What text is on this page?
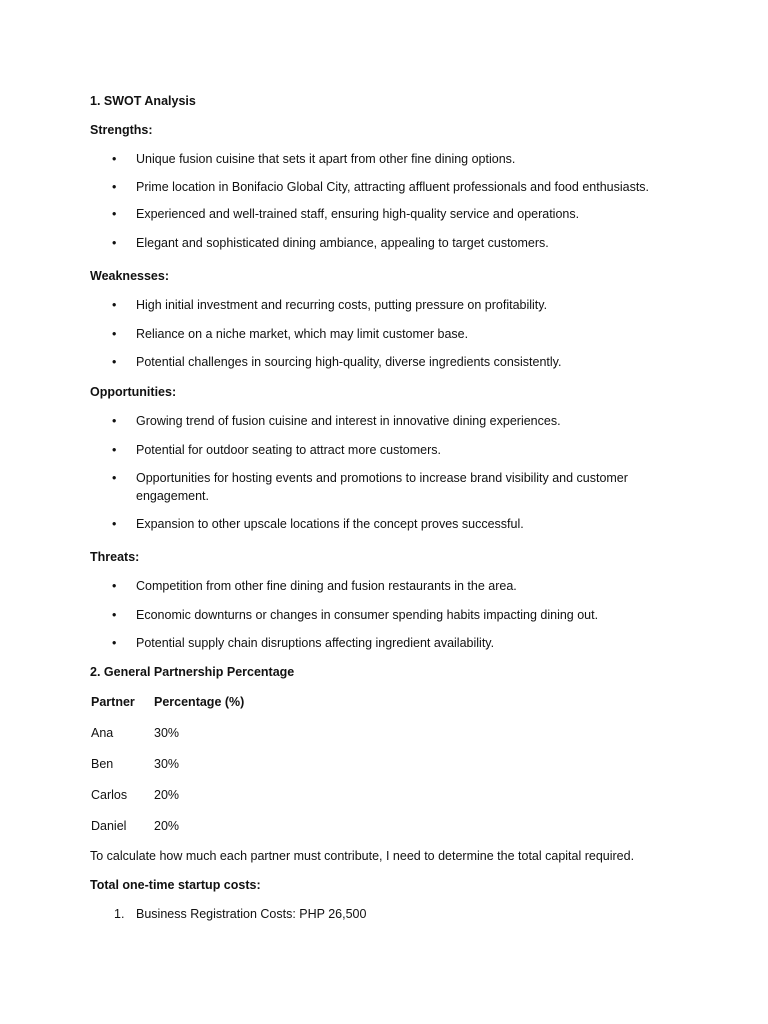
1. SWOT Analysis

Strengths:

• Unique fusion cuisine that sets it apart from other fine dining options.
• Prime location in Bonifacio Global City, attracting affluent professionals and food enthusiasts.
• Experienced and well-trained staff, ensuring high-quality service and operations.
• Elegant and sophisticated dining ambiance, appealing to target customers.

Weaknesses:

• High initial investment and recurring costs, putting pressure on profitability.
• Reliance on a niche market, which may limit customer base.
• Potential challenges in sourcing high-quality, diverse ingredients consistently.

Opportunities:

• Growing trend of fusion cuisine and interest in innovative dining experiences.
• Potential for outdoor seating to attract more customers.
• Opportunities for hosting events and promotions to increase brand visibility and customer engagement.
• Expansion to other upscale locations if the concept proves successful.

Threats:

• Competition from other fine dining and fusion restaurants in the area.
• Economic downturns or changes in consumer spending habits impacting dining out.
• Potential supply chain disruptions affecting ingredient availability.

2. General Partnership Percentage

Partner	Percentage (%)
Ana	30%
Ben	30%
Carlos	20%
Daniel	20%

To calculate how much each partner must contribute, I need to determine the total capital required.

Total one-time startup costs:

1. Business Registration Costs: PHP 26,500
